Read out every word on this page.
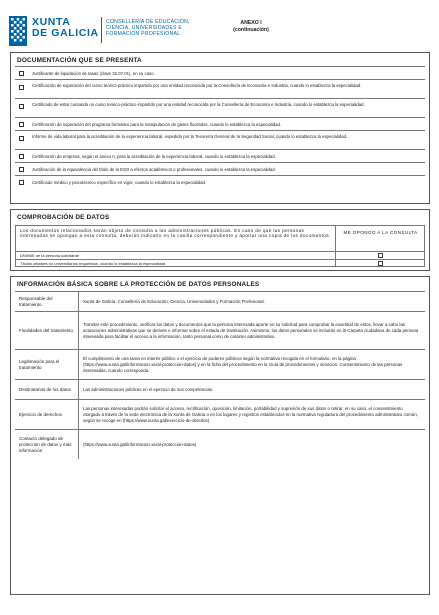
XUNTA
DE GALICIA
CONSELLERÍA DE EDUCACIÓN,
CIENCIA, UNIVERSIDADES E
FORMACIÓN PROFESIONAL
ANEXO I
(continuación)
DOCUMENTACIÓN QUE SE PRESENTA
Justificante de liquidación de tasas (clave 32.07.01), en su caso.
Certificación de superación del curso teórico-práctico impartido por una entidad reconocida por la Consellería de Economía e Industria, cuando lo establezca la especialidad.
Certificado de estar cursando un curso teórico-práctico impartido por una entidad reconocida por la Consellería de Economía e Industria, cuando lo establezca la especialidad.
Certificación de superación del programa formativo para la manipulación de gases fluorados, cuando lo establezca la especialidad.
Informe de vida laboral para la acreditación de la experiencia laboral, expedido por la Tesorería General de la Seguridad Social, cuando lo establezca la especialidad.
Certificación de empresa, según el anexo II, para la acreditación de la experiencia laboral, cuando lo establezca la especialidad.
Justificación de la equivalencia del título de la ESO a efectos académicos o profesionales, cuando lo establezca la especialidad.
Certificado médico y psicotécnico específico en vigor, cuando lo establezca la especialidad.
COMPROBACIÓN DE DATOS
Los documentos relacionados serán objeto de consulta a las administraciones públicas. En caso de que las personas interesadas se opongan a esta consulta, deberán indicarlo en la casilla correspondiente y aportar una copia de los documentos.
ME OPONGO A LA CONSULTA
DNI/NIE de la persona solicitante
Títulos oficiales no universitarios requeridos, cuando lo establezca la especialidad
INFORMACIÓN BÁSICA SOBRE LA PROTECCIÓN DE DATOS PERSONALES
Responsable del tratamiento
Xunta de Galicia. Consellería de Educación, Ciencia, Universidades y Formación Profesional.
Finalidades del tratamiento
Tramitar este procedimiento, verificar los datos y documentos que la persona interesada aporte en su solicitud para comprobar la exactitud de estos, llevar a cabo las actuaciones administrativas que se deriven e informar sobre el estado de tramitación. Asimismo, los datos personales se incluirán en la Carpeta ciudadana de cada persona interesada para facilitar el acceso a la información, tanto personal como de carácter administrativo.
Legitimación para el tratamiento
El cumplimiento de una tarea en interés público o el ejercicio de poderes públicos según la normativa recogida en el formulario, en la página (https://www.xunta.gal/informacion-xeral-proteccion-datos) y en la ficha del procedimiento en la Guía de procedimientos y servicios. Consentimiento de las personas interesadas, cuando corresponda.
Destinatarias de los datos	Las administraciones públicas en el ejercicio de sus competencias.
Ejercicio de derechos
Las personas interesadas podrán solicitar el acceso, rectificación, oposición, limitación, portabilidad y supresión de sus datos o retirar, en su caso, el consentimiento otorgado a través de la sede electrónica de la Xunta de Galicia o en los lugares y registros establecidos en la normativa reguladora del procedimiento administrativo común, según se recoge en (https://www.xunta.gal/exercicio-de-dereitos)
Contacto delegado de protección de datos y más información
(https://www.xunta.gal/informacion-xeral-proteccion-datos)
